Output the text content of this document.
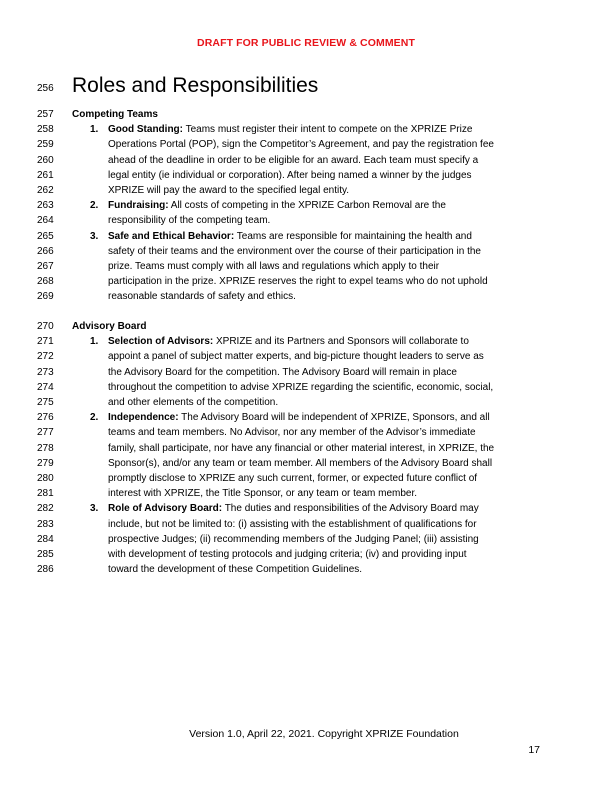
DRAFT FOR PUBLIC REVIEW & COMMENT
256 Roles and Responsibilities
257	Competing Teams
258	1. Good Standing: Teams must register their intent to compete on the XPRIZE Prize
259	Operations Portal (POP), sign the Competitor’s Agreement, and pay the registration fee
260	ahead of the deadline in order to be eligible for an award. Each team must specify a
261	legal entity (ie individual or corporation). After being named a winner by the judges
262	XPRIZE will pay the award to the specified legal entity.
263	2. Fundraising: All costs of competing in the XPRIZE Carbon Removal are the
264	responsibility of the competing team.
265	3. Safe and Ethical Behavior: Teams are responsible for maintaining the health and
266	safety of their teams and the environment over the course of their participation in the
267	prize. Teams must comply with all laws and regulations which apply to their
268	participation in the prize. XPRIZE reserves the right to expel teams who do not uphold
269	reasonable standards of safety and ethics.
270	Advisory Board
271	1. Selection of Advisors: XPRIZE and its Partners and Sponsors will collaborate to
272	appoint a panel of subject matter experts, and big-picture thought leaders to serve as
273	the Advisory Board for the competition. The Advisory Board will remain in place
274	throughout the competition to advise XPRIZE regarding the scientific, economic, social,
275	and other elements of the competition.
276	2. Independence: The Advisory Board will be independent of XPRIZE, Sponsors, and all
277	teams and team members. No Advisor, nor any member of the Advisor’s immediate
278	family, shall participate, nor have any financial or other material interest, in XPRIZE, the
279	Sponsor(s), and/or any team or team member. All members of the Advisory Board shall
280	promptly disclose to XPRIZE any such current, former, or expected future conflict of
281	interest with XPRIZE, the Title Sponsor, or any team or team member.
282	3. Role of Advisory Board: The duties and responsibilities of the Advisory Board may
283	include, but not be limited to: (i) assisting with the establishment of qualifications for
284	prospective Judges; (ii) recommending members of the Judging Panel; (iii) assisting
285	with development of testing protocols and judging criteria; (iv) and providing input
286	toward the development of these Competition Guidelines.
Version 1.0, April 22, 2021. Copyright XPRIZE Foundation
17
